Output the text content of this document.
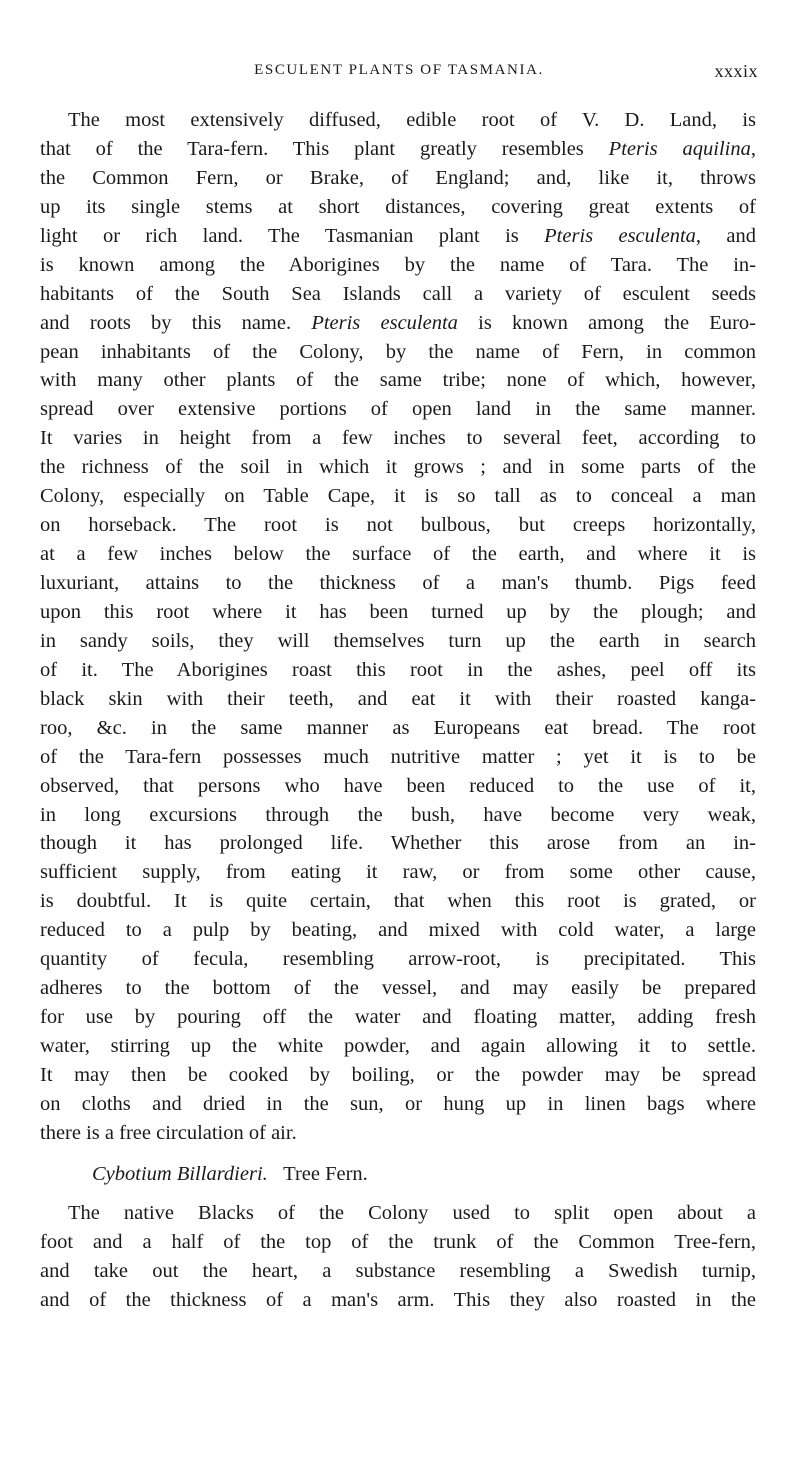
ESCULENT PLANTS OF TASMANIA.	xxxix
The most extensively diffused, edible root of V. D. Land, is
that of the Tara-fern. This plant greatly resembles Pteris aquilina,
the Common Fern, or Brake, of England; and, like it, throws
up its single stems at short distances, covering great extents of
light or rich land. The Tasmanian plant is Pteris esculenta, and
is known among the Aborigines by the name of Tara. The in-
habitants of the South Sea Islands call a variety of esculent seeds
and roots by this name. Pteris esculenta is known among the Euro-
pean inhabitants of the Colony, by the name of Fern, in common
with many other plants of the same tribe; none of which, however,
spread over extensive portions of open land in the same manner.
It varies in height from a few inches to several feet, according to
the richness of the soil in which it grows ; and in some parts of the
Colony, especially on Table Cape, it is so tall as to conceal a man
on horseback. The root is not bulbous, but creeps horizontally,
at a few inches below the surface of the earth, and where it is
luxuriant, attains to the thickness of a man's thumb. Pigs feed
upon this root where it has been turned up by the plough; and
in sandy soils, they will themselves turn up the earth in search
of it. The Aborigines roast this root in the ashes, peel off its
black skin with their teeth, and eat it with their roasted kanga-
roo, &c. in the same manner as Europeans eat bread. The root
of the Tara-fern possesses much nutritive matter ; yet it is to be
observed, that persons who have been reduced to the use of it,
in long excursions through the bush, have become very weak,
though it has prolonged life. Whether this arose from an in-
sufficient supply, from eating it raw, or from some other cause,
is doubtful. It is quite certain, that when this root is grated, or
reduced to a pulp by beating, and mixed with cold water, a large
quantity of fecula, resembling arrow-root, is precipitated. This
adheres to the bottom of the vessel, and may easily be prepared
for use by pouring off the water and floating matter, adding fresh
water, stirring up the white powder, and again allowing it to settle.
It may then be cooked by boiling, or the powder may be spread
on cloths and dried in the sun, or hung up in linen bags where
there is a free circulation of air.
Cybotium Billardieri. Tree Fern.
The native Blacks of the Colony used to split open about a
foot and a half of the top of the trunk of the Common Tree-fern,
and take out the heart, a substance resembling a Swedish turnip,
and of the thickness of a man's arm. This they also roasted in the
